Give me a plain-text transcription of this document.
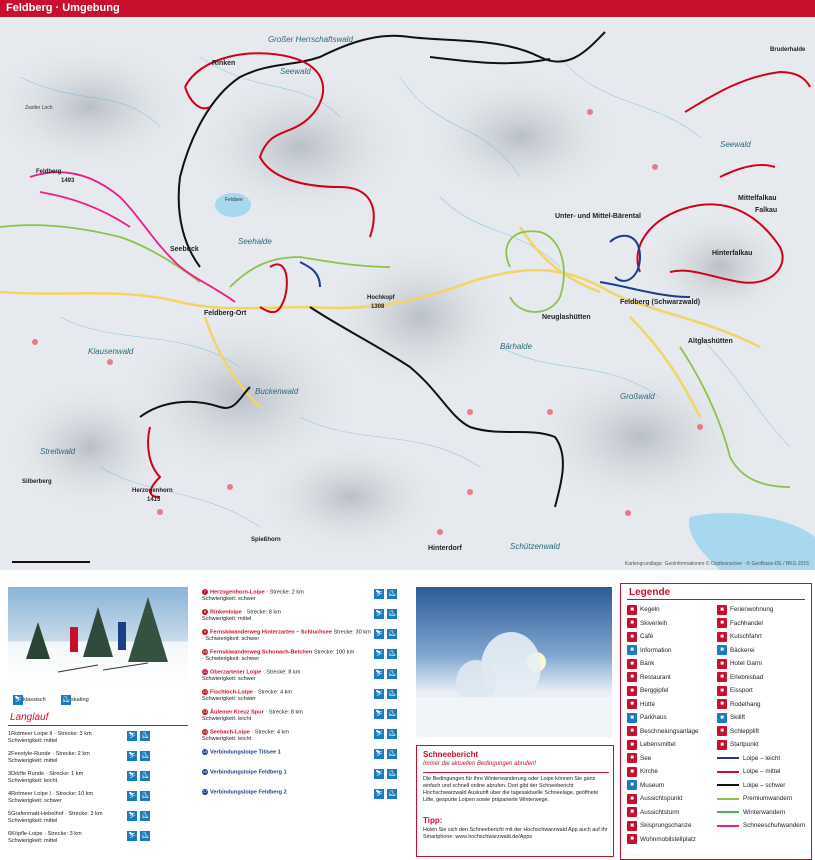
Feldberg · Umgebung
Feldberg-Ort
Feldberg (Schwarzwald)
Altglashütten
Neuglashütten
Hinterfalkau
Mittelfalkau
Falkau
Unter- und Mittel-Bärental
Hinterdorf
Rinken
Seebuck
Feldberg
1493
Hochkopf
1308
Herzogenhorn
1415
Spießhorn
Silberberg
Bruderhalde
Feldsee
Großer Herrschaftswald
Seewald
Zastler Loch
Seehalde
Klausenwald
Buckenwald
Streitwald
Schützenwald
Großwald
Seewald
Bärhalde
Kartengrundlage: Geoinformationen © Outdooractive · © GeoBasis-DE / BKG 2015
⛷ klassisch	⛸ skating
Langlauf
1Rotmeer Loipe II · Strecke: 3 km
Schwierigkeit: mittel
⛷ ⛸
2Feestyle-Runde · Strecke: 2 km
Schwierigkeit: mittel
⛷ ⛸
3Dörfle Runde · Strecke: 1 km
Schwierigkeit: leicht
⛷ ⛸
4Rotmeer Loipe I · Strecke: 10 km
Schwierigkeit: schwer
⛷ ⛸
5Grafenmatt-Hebelhof · Strecke: 3 km
Schwierigkeit: mittel
⛷ ⛸
6Köpfle-Loipe · Strecke: 3 km
Schwierigkeit: mittel
⛷ ⛸
7 Herzogenhorn-Loipe · Strecke: 2 km
Schwierigkeit: schwer
⛷ ⛸
8 Rinkenloipe · Strecke: 8 km
Schwierigkeit: mittel
⛷ ⛸
9 Fernskiwanderweg Hinterzarten – Schluchsee Strecke: 30 km
· Schwierigkeit: schwer
⛷ ⛸
10 Fernskiwanderweg Schonach-Belchen Strecke: 100 km
· Schwierigkeit: schwer
⛷ ⛸
11 Oberzartener Loipe · Strecke: 8 km
Schwierigkeit: schwer
⛷ ⛸
12 Fischloch-Loipe · Strecke: 4 km
Schwierigkeit: schwer
⛷ ⛸
13 Äulemer Kreuz Spur · Strecke: 8 km
Schwierigkeit: leicht
⛷ ⛸
14 Seebach-Loipe · Strecke: 4 km
Schwierigkeit: leicht
⛷ ⛸
15 Verbindungsloipe Titisee 1	⛷ ⛸
16 Verbindungsloipe Feldberg 1	⛷ ⛸
17 Verbindungsloipe Feldberg 2	⛷ ⛸
Schneebericht
Immer die aktuellen Bedingungen abrufen!
Die Bedingungen für Ihre Winterwanderung oder Loipe können Sie ganz einfach und schnell online abrufen. Dort gibt der Schneebericht Hochschwarzwald Auskunft über die tagesaktuelle Schneelage, geöffnete Lifte, gespurte Loipen sowie präparierte Winterwege.
Tipp:
Holen Sie sich den Schneebericht mit der Hochschwarzwald App auch auf Ihr Smartphone: www.hochschwarzwald.de/Apps
Legende
■ Kegeln
■ Skiverleih
■ Café
■ Information
■ Bank
■ Restaurant
■ Berggipfel
■ Hütte
■ Parkhaus
■ Beschneiungsanlage
■ Lebensmittel
■ See
■ Kirche
■ Museum
■ Aussichtspunkt
■ Aussichtsturm
■ Skisprungschanze
■ Wohnmobilstellplatz
■ Ferienwohnung
■ Fachhandel
■ Kutschfahrt
■ Bäckerei
■ Hotel Garni
■ Erlebnisbad
■ Eissport
■ Rodelhang
■ Skilift
■ Schlepplift
■ Startpunkt
Loipe – leicht
Loipe – mittel
Loipe – schwer
Premiumwandern
Winterwandern
Schneeschuhwandern
